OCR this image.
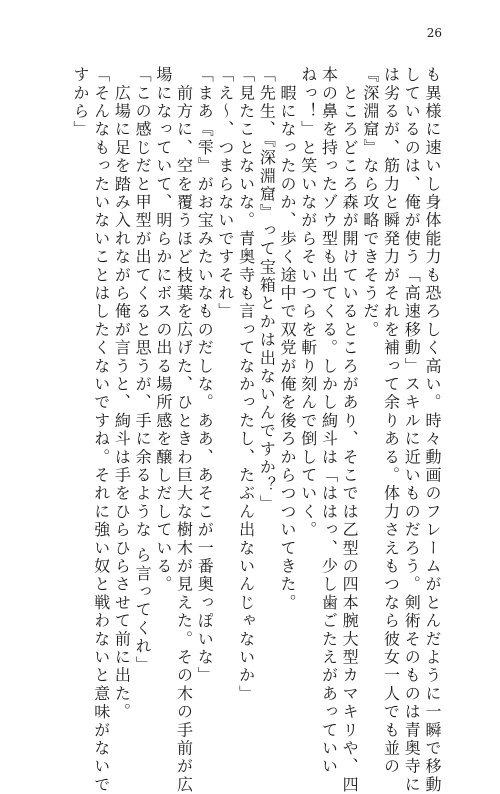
26
も異様に速いし身体能力も恐ろしく高い。時々動画のフレームがとんだように一瞬で移動
しているのは、俺が使う「高速移動」スキルに近いものだろう。剣術そのものは青奥寺に
は劣るが、筋力と瞬発力がそれを補って余りある。体力さえもつなら彼女一人でも並の
『深淵窟』なら攻略できそうだ。
　ところどころ森が開けているところがあり、そこでは乙型の四本腕大型カマキリや、四
本の鼻を持ったゾウ型も出てくる。しかし絢斗は「ははっ、少し歯ごたえがあっていい
ねっ！」と笑いながらそいつらを斬り刻んで倒していく。
　暇になったのか、歩く途中で双党が俺を後ろからつついてきた。
「先生、『深淵窟』って宝箱とかは出ないんですか？」
「見たことないな。青奥寺も言ってなかったし、たぶん出ないんじゃないか」
「え～、つまらないですそれ」
「まあ『雫』がお宝みたいなものだしな。ああ、あそこが一番奥っぽいな」
　前方に、空を覆うほど枝葉を広げた、ひときわ巨大な樹木が見えた。その木の手前が広
場になっていて、明らかにボスの出る場所感を醸しだしている。
「この感じだと甲型が出てくると思うが、手に余るような ら言ってくれ」
　広場に足を踏み入れながら俺が言うと、絢斗は手をひらひらさせて前に出た。
「そんなもったいないことはしたくないですね。それに強い奴と戦わないと意味がないで
すから」
